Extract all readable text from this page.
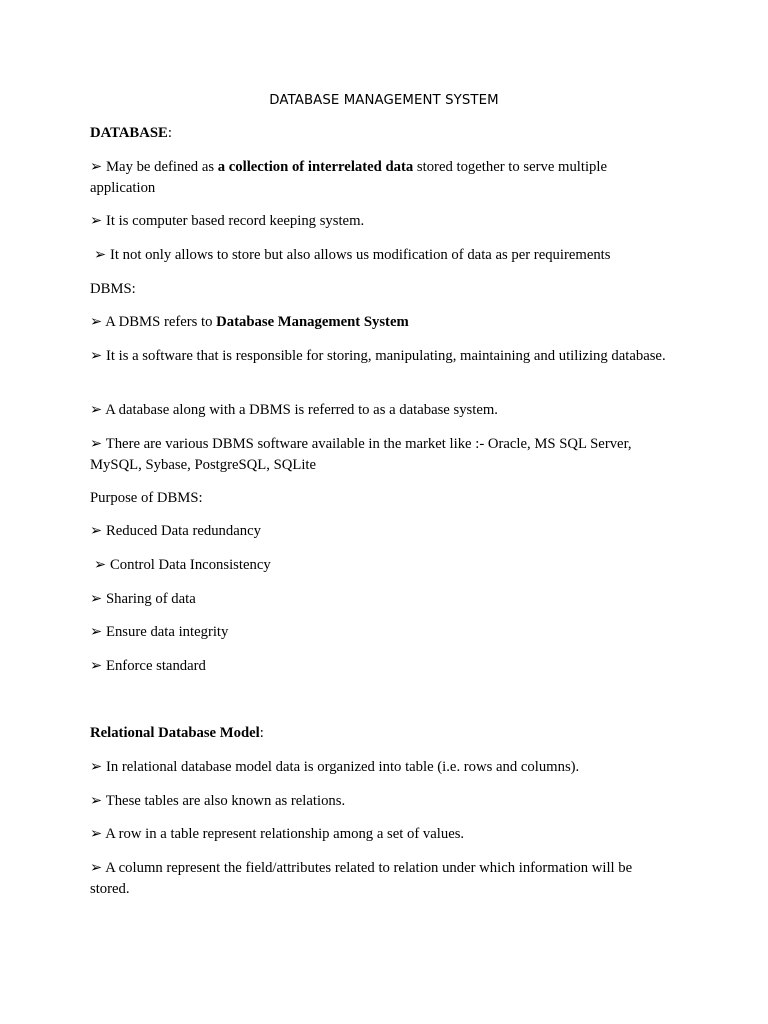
DATABASE MANAGEMENT SYSTEM

DATABASE:

➢ May be defined as a collection of interrelated data stored together to serve multiple application

➢ It is computer based record keeping system.

➢ It not only allows to store but also allows us modification of data as per requirements

DBMS:

➢ A DBMS refers to Database Management System

➢ It is a software that is responsible for storing, manipulating, maintaining and utilizing database.

➢ A database along with a DBMS is referred to as a database system.

➢ There are various DBMS software available in the market like :- Oracle, MS SQL Server, MySQL, Sybase, PostgreSQL, SQLite

Purpose of DBMS:

➢ Reduced Data redundancy

➢ Control Data Inconsistency

➢ Sharing of data

➢ Ensure data integrity

➢ Enforce standard

Relational Database Model:

➢ In relational database model data is organized into table (i.e. rows and columns).

➢ These tables are also known as relations.

➢ A row in a table represent relationship among a set of values.

➢ A column represent the field/attributes related to relation under which information will be stored.
